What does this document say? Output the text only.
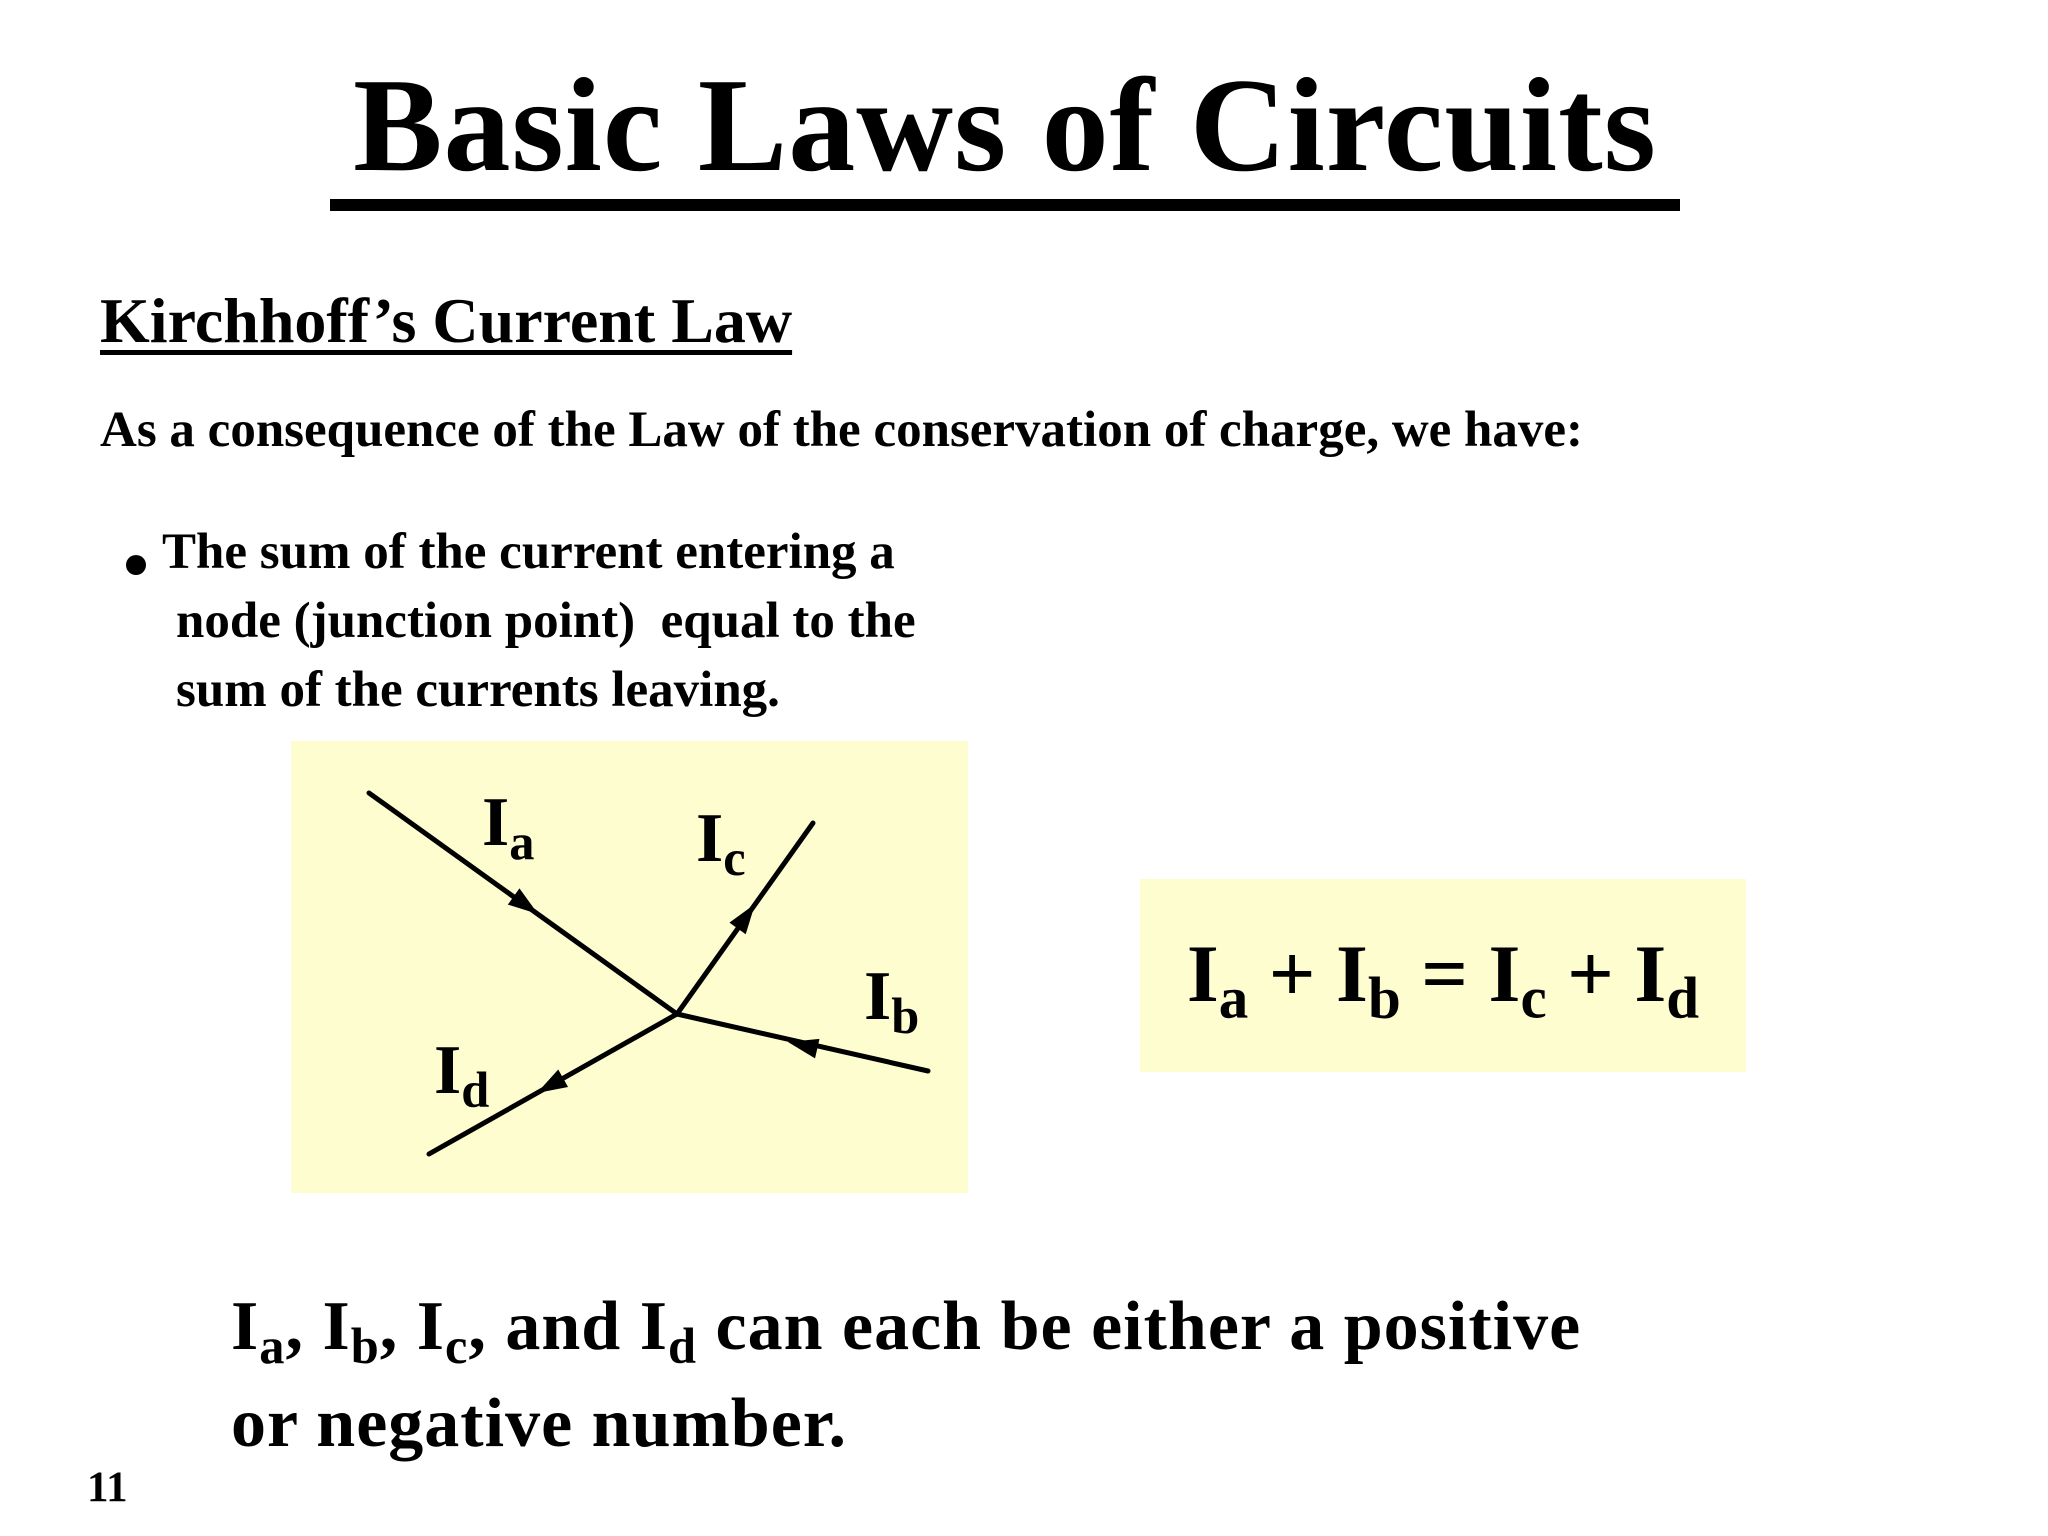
Basic Laws of Circuits
Kirchhoff’s Current Law
As a consequence of the Law of the conservation of charge, we have:
The sum of the current entering a
node (junction point)  equal to the
sum of the currents leaving.
$I_a$ $I_c$
$I_b$
$I_d$
$I_a + I_b = I_c + I_d$
$I_a$, $I_b$, $I_c$, and $I_d$ can each be either a positive
or negative number.
11
